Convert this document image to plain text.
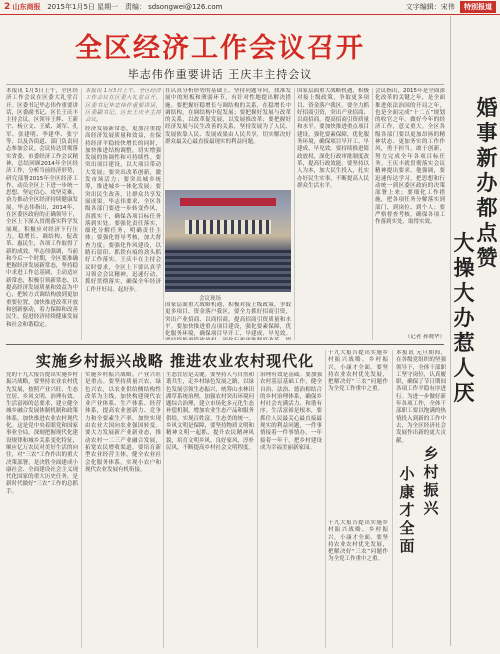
2 山东商报 2015年1月5日 星期一 责编： sdsongwei@126.com	文字编辑：宋伟 特别报道
全区经济工作会议召开
毕志伟作重要讲话 王庆丰主持会议
本报讯 1月3日上午，全区经济工作会议在区委大礼堂召开。区委书记毕志伟作重要讲话，区委副书记、区长王庆丰主持会议。区领导王辉、王新宇、杨立文、王斌、刘军、孔军、张建明、李建华、张宁等，以及各街道、部门负责同志参加会议。会议传达贯彻落实省委、市委经济工作会议精神，总结回顾2014年全区经济工作，分析当前经济形势，研究部署2015年全区经济工作，动员全区上下进一步统一思想、坚定信心、攻坚克难，奋力推动全区经济持续健康发展。毕志伟指出，2014年，在区委区政府的正确领导下，全区上下深入贯彻落实科学发展观，积极应对经济下行压力，稳增长、调结构、促改革、惠民生，各项工作取得了新的成效。毕志伟强调，当前和今后一个时期，全区要准确把握经济发展新常态，坚持稳中求进工作总基调，主动适应新常态，积极引领新常态，以提高经济发展质量和效益为中心，把转方式调结构放到更加重要位置，加快推进改革开放和创新驱动，着力保障和改善民生，促进经济持续健康发展和社会和谐稳定。
本报讯 1月3日上午，全区经济工作会议在区委大礼堂召开。区委书记毕志伟作重要讲话，区委副书记、区长王庆丰主持会议。
经济发展新常态，更加注重提高经济发展质量和效益，在保持经济平稳较快增长的同时，加快推进结构调整，切实增强发展的协调性和可持续性。要突出项目建设，以大项目带动大发展；要突出改革创新，激发市场活力；要突出城乡统筹，推进城乡一体化发展；要突出民生改善，让群众共享发展成果。毕志伟要求，全区各级各部门要进一步转变作风，真抓实干，确保各项目标任务落到实处。要强化责任落实，细化分解任务，明确责任主体；要强化督导考核，加大督查力度；要强化作风建设，以踏石留印、抓铁有痕的劲头抓好工作落实。王庆丰在主持会议时要求，全区上下要认真学习领会会议精神，迅速行动，抓好贯彻落实，确保全年经济工作开好局、起好步。
在认真分析形势的基础上，坚持问题导向，找准发展中的短板和薄弱环节，有针对性地提出解决措施。要把握好稳增长与调结构的关系，在稳增长中调结构，在调结构中促发展；要把握好发展与改革的关系，以改革促发展，以发展推改革；要把握好经济发展与民生改善的关系，坚持发展为了人民、发展依靠人民、发展成果由人民共享，切实解决好群众最关心最直接最现实的利益问题。
会议现场
国家层面重大战略机遇，积极对接上级政策，争取更多项目、资金落户我区。要全力抓好招商引资，突出产业招商、以商招商，提高招商引资质量和水平。要加快推进重点项目建设，强化要素保障，优化服务环境，确保项目早开工、早建成、早见效。
国家层面重大战略机遇，积极对接上级政策，争取更多项目、资金落户我区。要全力抓好招商引资，突出产业招商、以商招商，提高招商引资质量和水平。要加快推进重点项目建设，强化要素保障，优化服务环境，确保项目早开工、早建成、早见效。要持续推进简政放权，深化行政审批制度改革，提高行政效能。要坚持以人为本，加大民生投入，扎实办好民生实事，不断提高人民群众生活水平。
会议指出，2015年是全面深化改革的关键之年，是全面推进依法治国的开局之年，也是全面完成“十二五”规划的收官之年。做好今年的经济工作，意义重大。全区各级各部门要以更加昂扬的精神状态、更加务实的工作作风，勇于担当，敢于创新，努力完成全年各项目标任务。王庆丰就贯彻落实会议精神提出要求。他强调，要迅速传达学习，把思想和行动统一到区委区政府的决策部署上来；要细化工作措施，把各项任务分解落实到部门、到岗位、到个人；要严格督查考核，确保各项工作落到实处、取得实效。
（记者 孙晓华）
实施乡村振兴战略 推进农业农村现代化
党的十九大报告提出实施乡村振兴战略，要坚持农业农村优先发展，按照产业兴旺、生态宜居、乡风文明、治理有效、生活富裕的总要求，建立健全城乡融合发展体制机制和政策体系，加快推进农业农村现代化。这是党中央着眼党和国家事业全局，深刻把握现代化建设规律和城乡关系变化特征，顺应亿万农民对美好生活的向往，对“三农”工作作出的重大决策部署，是决胜全面建成小康社会、全面建设社会主义现代化国家的重大历史任务，是新时代做好“三农”工作的总抓手。
实施乡村振兴战略，产业兴旺是重点。要坚持质量兴农、绿色兴农，以农业供给侧结构性改革为主线，加快构建现代农业产业体系、生产体系、经营体系，提高农业创新力、竞争力和全要素生产率，加快实现由农业大国向农业强国转变。要大力发展新产业新业态，推动农村一二三产业融合发展，拓宽农民增收渠道。要培育新型农业经营主体，健全农业社会化服务体系，实现小农户和现代农业发展有机衔接。
生态宜居是关键。要坚持人与自然和谐共生，走乡村绿色发展之路，以绿色发展引领生态振兴，统筹山水林田湖草系统治理，加强农村突出环境问题综合治理，建立市场化多元化生态补偿机制，增加农业生态产品和服务供给，实现百姓富、生态美的统一。乡风文明是保障，要坚持物质文明和精神文明一起抓，提升农民精神风貌，培育文明乡风、良好家风、淳朴民风，不断提高乡村社会文明程度。
治理有效是基础。要加强农村基层基础工作，健全自治、法治、德治相结合的乡村治理体系，确保乡村社会充满活力、和谐有序。生活富裕是根本，要抓住人民最关心最直接最现实的利益问题，一件事情接着一件事情办，一年接着一年干，把乡村建设成为幸福美丽新家园。
十九大报告提出实施乡村振兴战略。乡村振兴，小康才全面。要坚持农业农村优先发展，把解决好“三农”问题作为全党工作重中之重。
乡村振兴
小康才全面
十九大报告提出实施乡村振兴战略。乡村振兴，小康才全面。要坚持农业农村优先发展，把解决好“三农”问题作为全党工作重中之重。
本报讯 元旦期间，在各级党组织的坚强领导下，全体干部职工坚守岗位，认真履职，确保了节日期间各项工作平稳有序进行。为进一步做好新年各项工作，全体干部职工要以饱满的热情投入到新的工作中去，为全区经济社会发展作出新的更大贡献。
婚事新办都点赞
大操大办惹人厌
